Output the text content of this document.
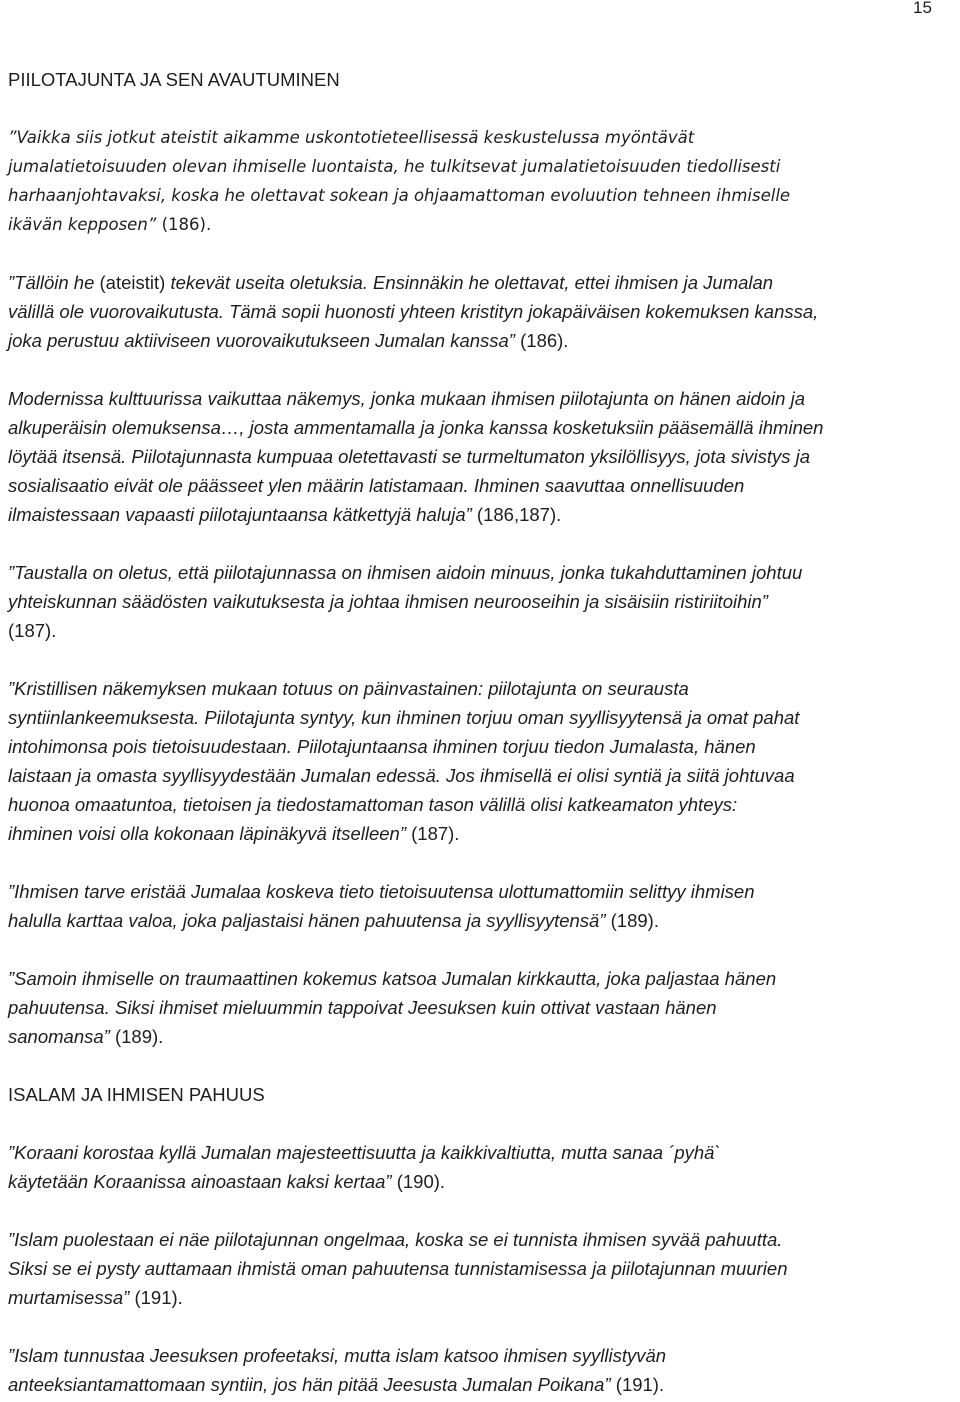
15
PIILOTAJUNTA JA SEN AVAUTUMINEN
”Vaikka siis jotkut ateistit aikamme uskontotieteellisessä keskustelussa myöntävät
jumalatietoisuuden olevan ihmiselle luontaista, he tulkitsevat jumalatietoisuuden tiedollisesti
harhaanjohtavaksi, koska he olettavat sokean ja ohjaamattoman evoluution tehneen ihmiselle
ikävän kepposen” (186).
”Tällöin he (ateistit) tekevät useita oletuksia. Ensinnäkin he olettavat, ettei ihmisen ja Jumalan
välillä ole vuorovaikutusta. Tämä sopii huonosti yhteen kristityn jokapäiväisen kokemuksen kanssa,
joka perustuu aktiiviseen vuorovaikutukseen Jumalan kanssa” (186).
Modernissa kulttuurissa vaikuttaa näkemys, jonka mukaan ihmisen piilotajunta on hänen aidoin ja
alkuperäisin olemuksensa…, josta ammentamalla ja jonka kanssa kosketuksiin pääsemällä ihminen
löytää itsensä. Piilotajunnasta kumpuaa oletettavasti se turmeltumaton yksilöllisyys, jota sivistys ja
sosialisaatio eivät ole päässeet ylen määrin latistamaan. Ihminen saavuttaa onnellisuuden
ilmaistessaan vapaasti piilotajuntaansa kätkettyjä haluja” (186,187).
”Taustalla on oletus, että piilotajunnassa on ihmisen aidoin minuus, jonka tukahduttaminen johtuu
yhteiskunnan säädösten vaikutuksesta ja johtaa ihmisen neurooseihin ja sisäisiin ristiriitoihin”
(187).
”Kristillisen näkemyksen mukaan totuus on päinvastainen: piilotajunta on seurausta
syntiinlankeemuksesta. Piilotajunta syntyy, kun ihminen torjuu oman syyllisyytensä ja omat pahat
intohimonsa pois tietoisuudestaan. Piilotajuntaansa ihminen torjuu tiedon Jumalasta, hänen
laistaan ja omasta syyllisyydestään Jumalan edessä. Jos ihmisellä ei olisi syntiä ja siitä johtuvaa
huonoa omaatuntoa, tietoisen ja tiedostamattoman tason välillä olisi katkeamaton yhteys:
ihminen voisi olla kokonaan läpinäkyvä itselleen” (187).
”Ihmisen tarve eristää Jumalaa koskeva tieto tietoisuutensa ulottumattomiin selittyy ihmisen
halulla karttaa valoa, joka paljastaisi hänen pahuutensa ja syyllisyytensä” (189).
”Samoin ihmiselle on traumaattinen kokemus katsoa Jumalan kirkkautta, joka paljastaa hänen
pahuutensa. Siksi ihmiset mieluummin tappoivat Jeesuksen kuin ottivat vastaan hänen
sanomansa” (189).
ISALAM JA IHMISEN PAHUUS
”Koraani korostaa kyllä Jumalan majesteettisuutta ja kaikkivaltiutta, mutta sanaa ´pyhä`
käytetään Koraanissa ainoastaan kaksi kertaa” (190).
”Islam puolestaan ei näe piilotajunnan ongelmaa, koska se ei tunnista ihmisen syvää pahuutta.
Siksi se ei pysty auttamaan ihmistä oman pahuutensa tunnistamisessa ja piilotajunnan muurien
murtamisessa” (191).
”Islam tunnustaa Jeesuksen profeetaksi, mutta islam katsoo ihmisen syyllistyvän
anteeksiantamattomaan syntiin, jos hän pitää Jeesusta Jumalan Poikana” (191).
